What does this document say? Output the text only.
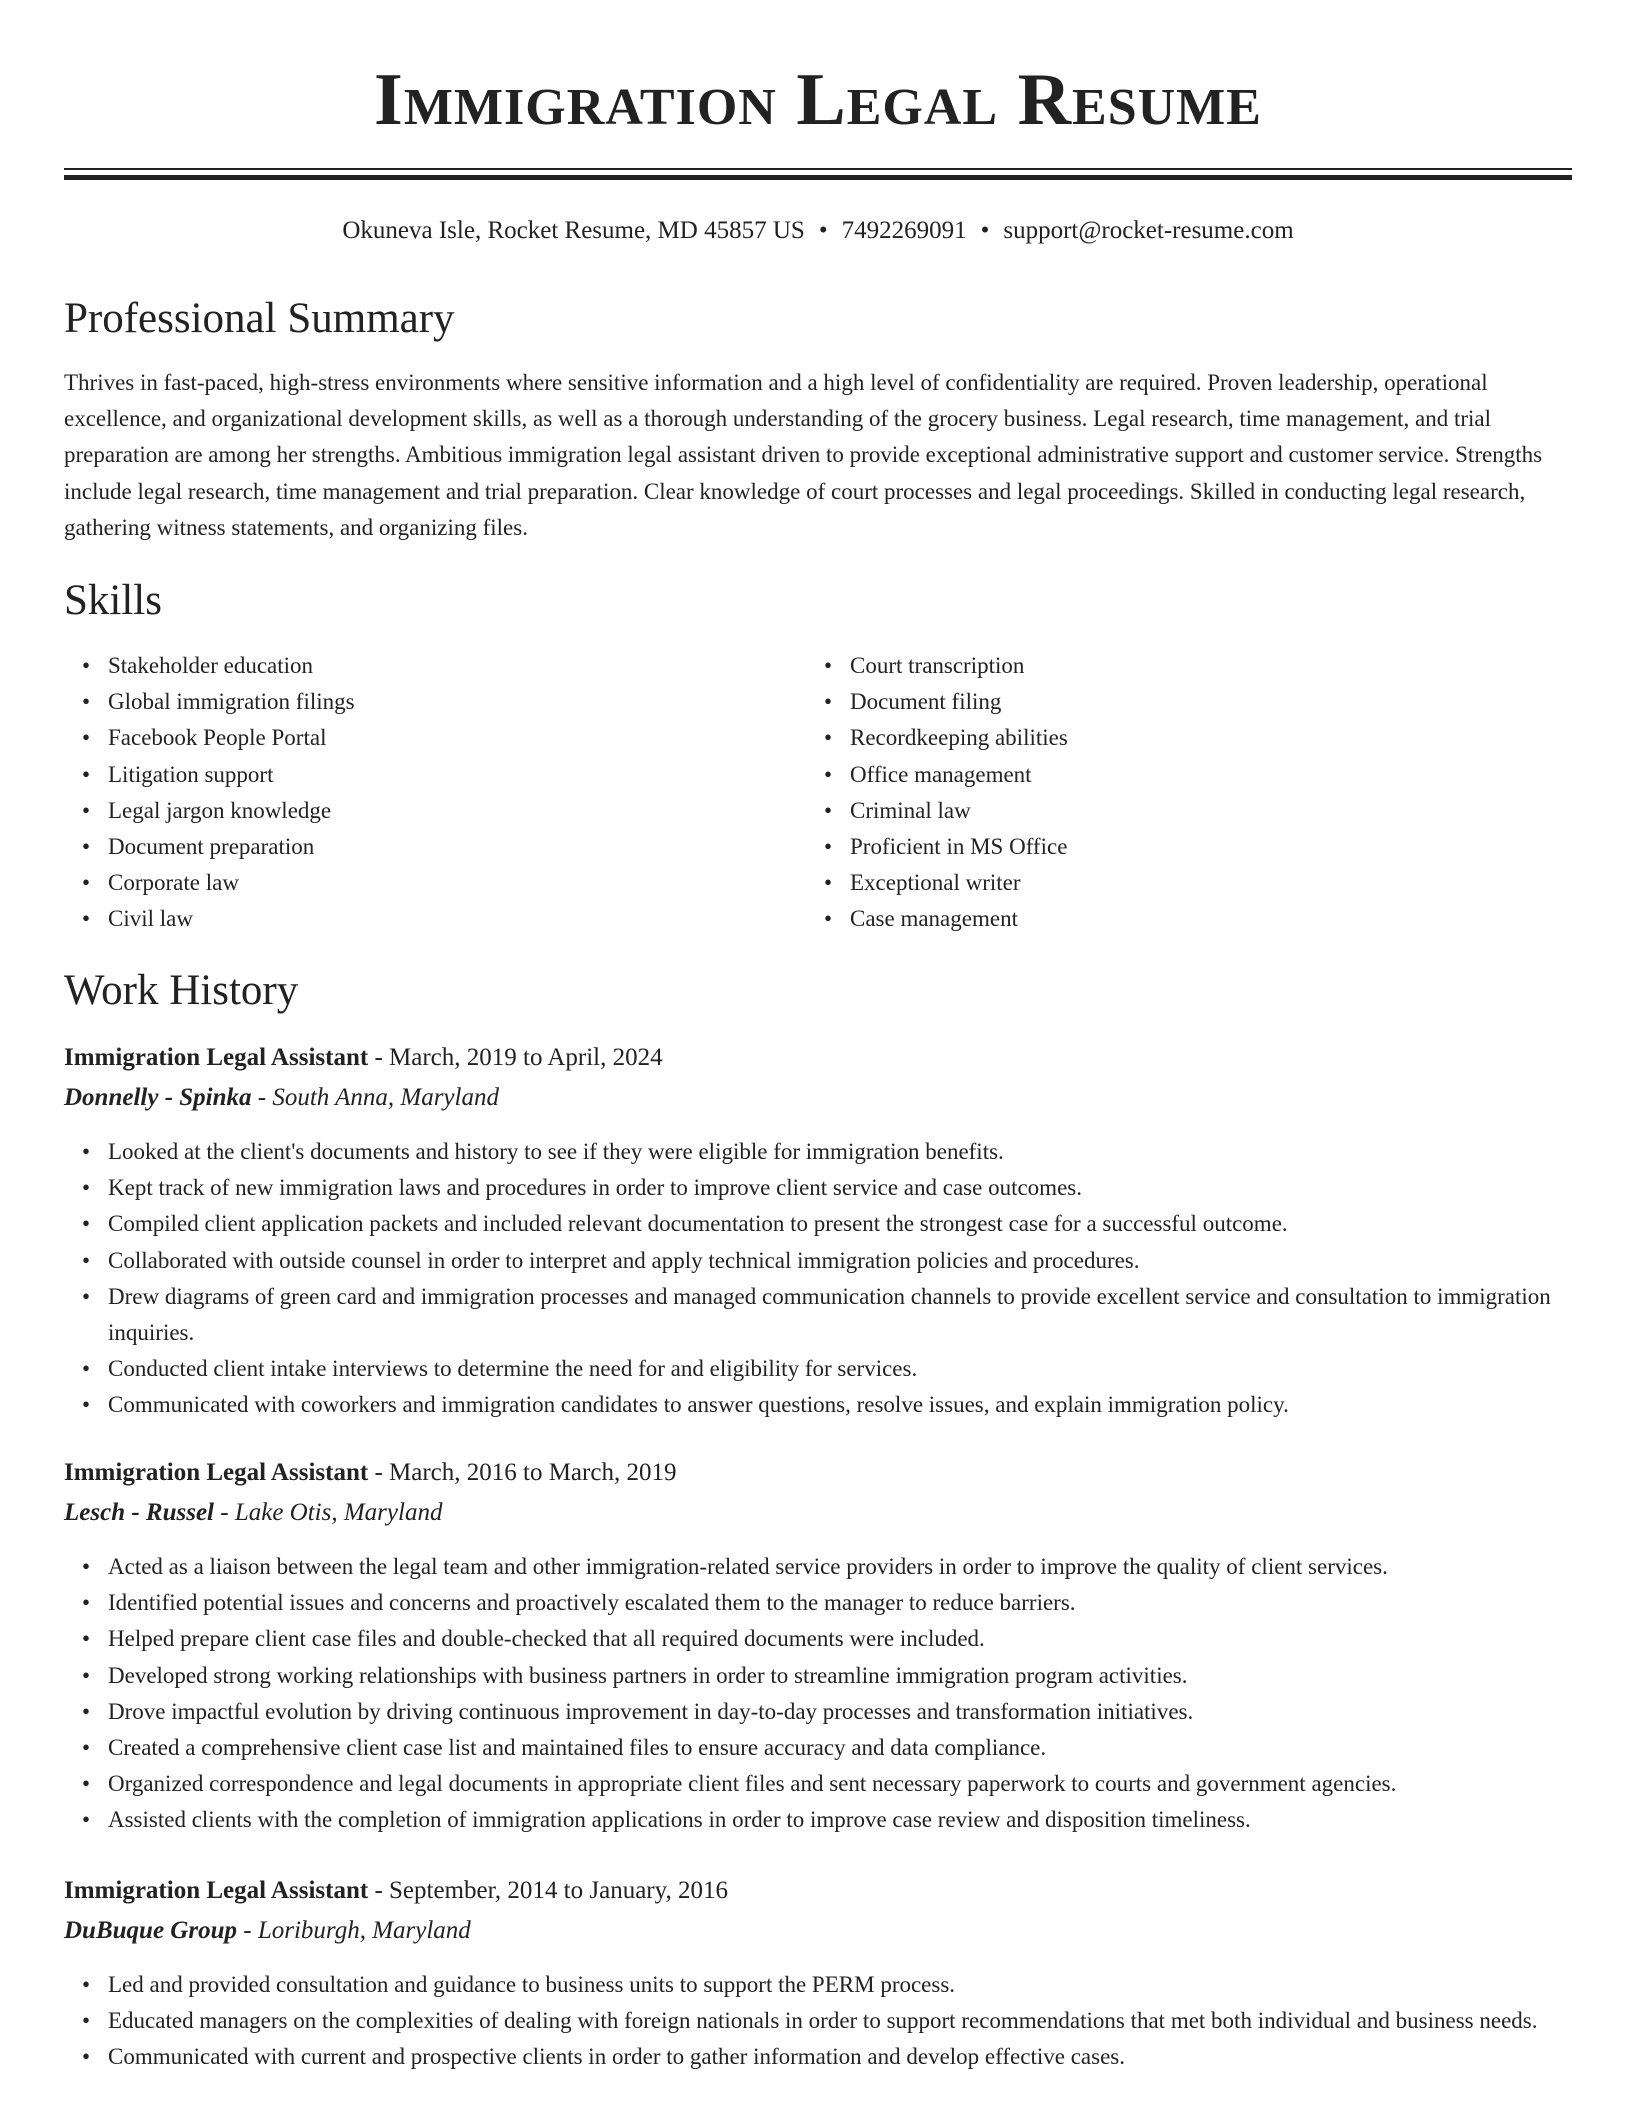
Immigration Legal Resume
Okuneva Isle, Rocket Resume, MD 45857 US • 7492269091 • support@rocket-resume.com
Professional Summary

Thrives in fast-paced, high-stress environments where sensitive information and a high level of confidentiality are required. Proven leadership, operational excellence, and organizational development skills, as well as a thorough understanding of the grocery business. Legal research, time management, and trial preparation are among her strengths. Ambitious immigration legal assistant driven to provide exceptional administrative support and customer service. Strengths include legal research, time management and trial preparation. Clear knowledge of court processes and legal proceedings. Skilled in conducting legal research, gathering witness statements, and organizing files.

Skills
• Stakeholder education
• Global immigration filings
• Facebook People Portal
• Litigation support
• Legal jargon knowledge
• Document preparation
• Corporate law
• Civil law
• Court transcription
• Document filing
• Recordkeeping abilities
• Office management
• Criminal law
• Proficient in MS Office
• Exceptional writer
• Case management
Work History
Immigration Legal Assistant - March, 2019 to April, 2024
Donnelly - Spinka - South Anna, Maryland
• Looked at the client's documents and history to see if they were eligible for immigration benefits.
• Kept track of new immigration laws and procedures in order to improve client service and case outcomes.
• Compiled client application packets and included relevant documentation to present the strongest case for a successful outcome.
• Collaborated with outside counsel in order to interpret and apply technical immigration policies and procedures.
• Drew diagrams of green card and immigration processes and managed communication channels to provide excellent service and consultation to immigration inquiries.
• Conducted client intake interviews to determine the need for and eligibility for services.
• Communicated with coworkers and immigration candidates to answer questions, resolve issues, and explain immigration policy.
Immigration Legal Assistant - March, 2016 to March, 2019
Lesch - Russel - Lake Otis, Maryland
• Acted as a liaison between the legal team and other immigration-related service providers in order to improve the quality of client services.
• Identified potential issues and concerns and proactively escalated them to the manager to reduce barriers.
• Helped prepare client case files and double-checked that all required documents were included.
• Developed strong working relationships with business partners in order to streamline immigration program activities.
• Drove impactful evolution by driving continuous improvement in day-to-day processes and transformation initiatives.
• Created a comprehensive client case list and maintained files to ensure accuracy and data compliance.
• Organized correspondence and legal documents in appropriate client files and sent necessary paperwork to courts and government agencies.
• Assisted clients with the completion of immigration applications in order to improve case review and disposition timeliness.
Immigration Legal Assistant - September, 2014 to January, 2016
DuBuque Group - Loriburgh, Maryland
• Led and provided consultation and guidance to business units to support the PERM process.
• Educated managers on the complexities of dealing with foreign nationals in order to support recommendations that met both individual and business needs.
• Communicated with current and prospective clients in order to gather information and develop effective cases.
